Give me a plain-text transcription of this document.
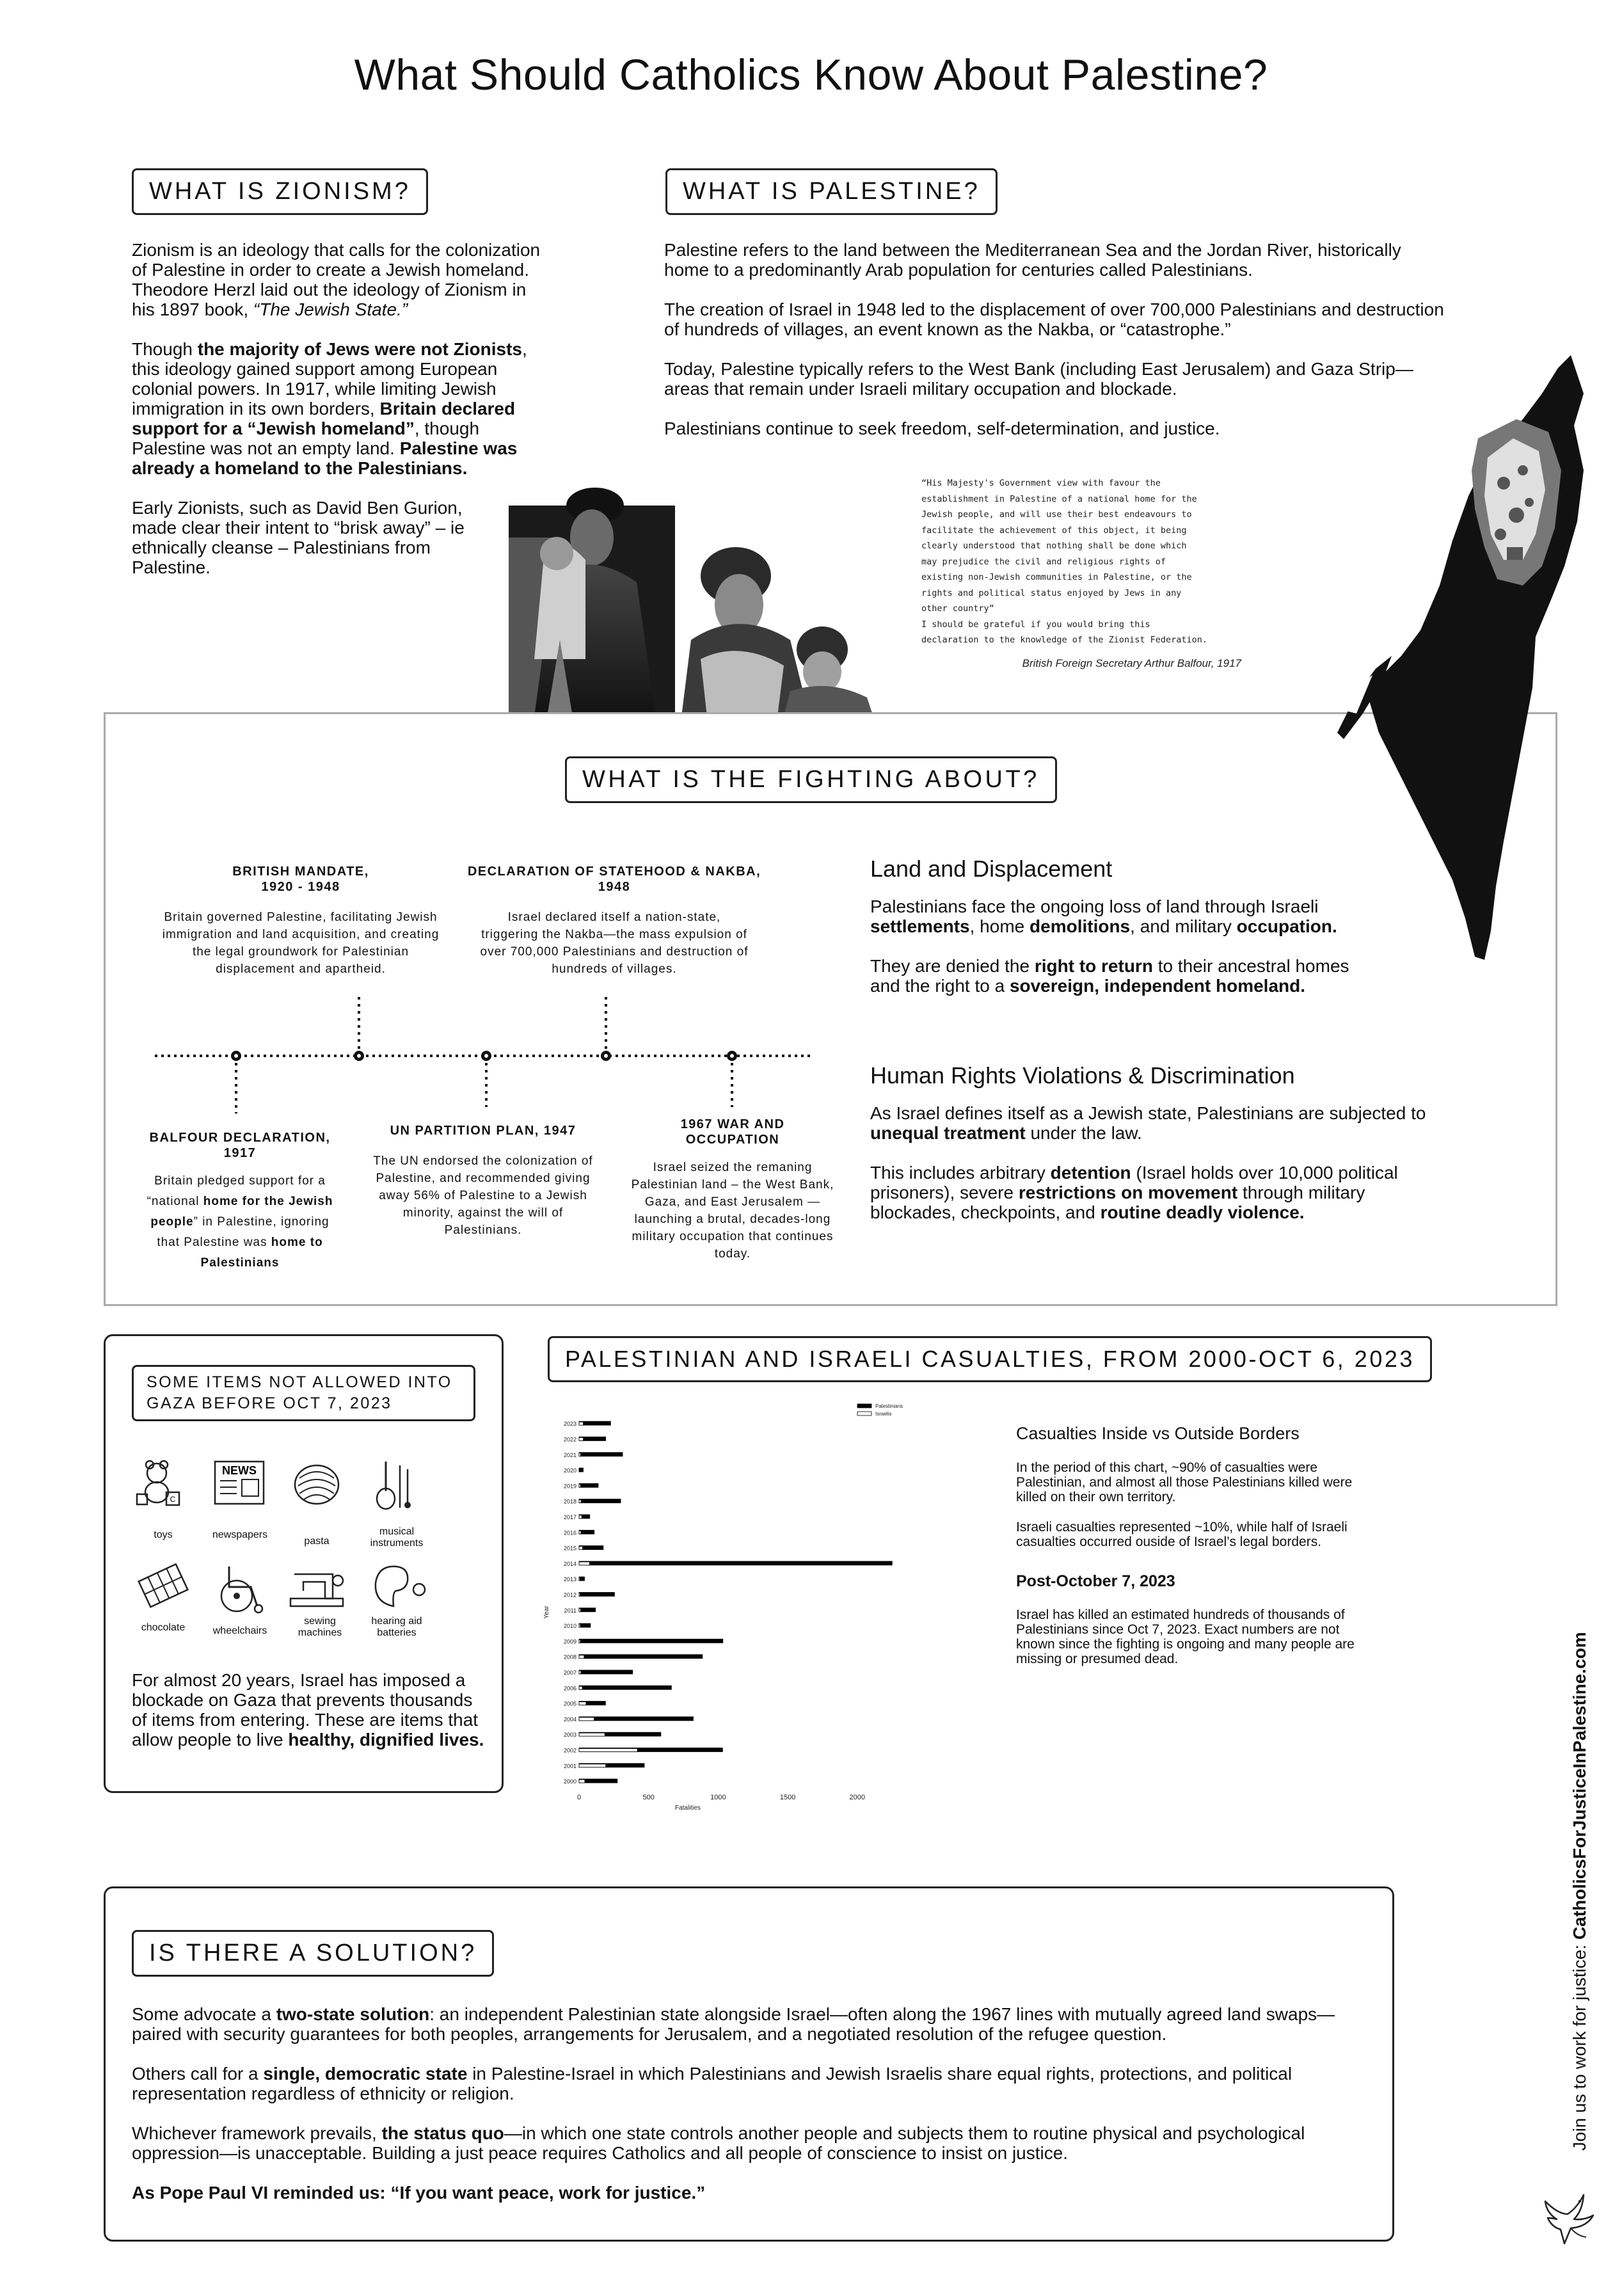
What Should Catholics Know About Palestine?
WHAT IS ZIONISM?

Zionism is an ideology that calls for the colonization of Palestine in order to create a Jewish homeland. Theodore Herzl laid out the ideology of Zionism in his 1897 book, “The Jewish State.”

Though the majority of Jews were not Zionists, this ideology gained support among European colonial powers. In 1917, while limiting Jewish immigration in its own borders, Britain declared support for a “Jewish homeland”, though Palestine was not an empty land. Palestine was already a homeland to the Palestinians.

Early Zionists, such as David Ben Gurion, made clear their intent to “brisk away” – ie ethnically cleanse – Palestinians from Palestine.

WHAT IS PALESTINE?

Palestine refers to the land between the Mediterranean Sea and the Jordan River, historically home to a predominantly Arab population for centuries called Palestinians.

The creation of Israel in 1948 led to the displacement of over 700,000 Palestinians and destruction of hundreds of villages, an event known as the Nakba, or “catastrophe.”

Today, Palestine typically refers to the West Bank (including East Jerusalem) and Gaza Strip—areas that remain under Israeli military occupation and blockade.

Palestinians continue to seek freedom, self-determination, and justice.

“His Majesty's Government view with favour the
establishment in Palestine of a national home for the
Jewish people, and will use their best endeavours to
facilitate the achievement of this object, it being
clearly understood that nothing shall be done which
may prejudice the civil and religious rights of
existing non-Jewish communities in Palestine, or the
rights and political status enjoyed by Jews in any
other country”
I should be grateful if you would bring this
declaration to the knowledge of the Zionist Federation.
British Foreign Secretary Arthur Balfour, 1917
WHAT IS THE FIGHTING ABOUT?
BRITISH MANDATE,
1920 - 1948
Britain governed Palestine, facilitating Jewish immigration and land acquisition, and creating the legal groundwork for Palestinian displacement and apartheid.
DECLARATION OF STATEHOOD & NAKBA,
1948
Israel declared itself a nation-state, triggering the Nakba—the mass expulsion of over 700,000 Palestinians and destruction of hundreds of villages.
BALFOUR DECLARATION,
1917
Britain pledged support for a “national home for the Jewish people” in Palestine, ignoring that Palestine was home to Palestinians
UN PARTITION PLAN, 1947
The UN endorsed the colonization of Palestine, and recommended giving away 56% of Palestine to a Jewish minority, against the will of Palestinians.
1967 WAR AND
OCCUPATION
Israel seized the remaning Palestinian land – the West Bank, Gaza, and East Jerusalem —launching a brutal, decades-long military occupation that continues today.
Land and Displacement

Palestinians face the ongoing loss of land through Israeli settlements, home demolitions, and military occupation.

They are denied the right to return to their ancestral homes and the right to a sovereign, independent homeland.

Human Rights Violations & Discrimination

As Israel defines itself as a Jewish state, Palestinians are subjected to unequal treatment under the law.

This includes arbitrary detention (Israel holds over 10,000 political prisoners), severe restrictions on movement through military blockades, checkpoints, and routine deadly violence.

SOME ITEMS NOT ALLOWED INTO GAZA BEFORE OCT 7, 2023
C
toys
NEWS
newspapers
pasta
musical instruments
chocolate	wheelchairs
sewing machines
hearing aid batteries
For almost 20 years, Israel has imposed a blockade on Gaza that prevents thousands of items from entering. These are items that allow people to live healthy, dignified lives.
PALESTINIAN AND ISRAELI CASUALTIES, FROM 2000-OCT 6, 2023
2023
2022
2021
2020
2019
2018
2017
2016
2015
2014
2013
2012
2011
2010
2009
2008
2007
2006
2005
2004
2003
2002
2001
2000
0	500	1000	1500	2000
Fatalities
Year
Palestinians
Israelis
Casualties Inside vs Outside Borders
In the period of this chart, ~90% of casualties were Palestinian, and almost all those Palestinians killed were killed on their own territory.
Israeli casualties represented ~10%, while half of Israeli casualties occurred ouside of Israel’s legal borders.
Post-October 7, 2023
Israel has killed an estimated hundreds of thousands of Palestinians since Oct 7, 2023. Exact numbers are not known since the fighting is ongoing and many people are missing or presumed dead.
IS THERE A SOLUTION?

Some advocate a two-state solution: an independent Palestinian state alongside Israel—often along the 1967 lines with mutually agreed land swaps—paired with security guarantees for both peoples, arrangements for Jerusalem, and a negotiated resolution of the refugee question.

Others call for a single, democratic state in Palestine-Israel in which Palestinians and Jewish Israelis share equal rights, protections, and political representation regardless of ethnicity or religion.

Whichever framework prevails, the status quo—in which one state controls another people and subjects them to routine physical and psychological oppression—is unacceptable. Building a just peace requires Catholics and all people of conscience to insist on justice.

As Pope Paul VI reminded us: “If you want peace, work for justice.”

Join us to work for justice: CatholicsForJusticeInPalestine.com
